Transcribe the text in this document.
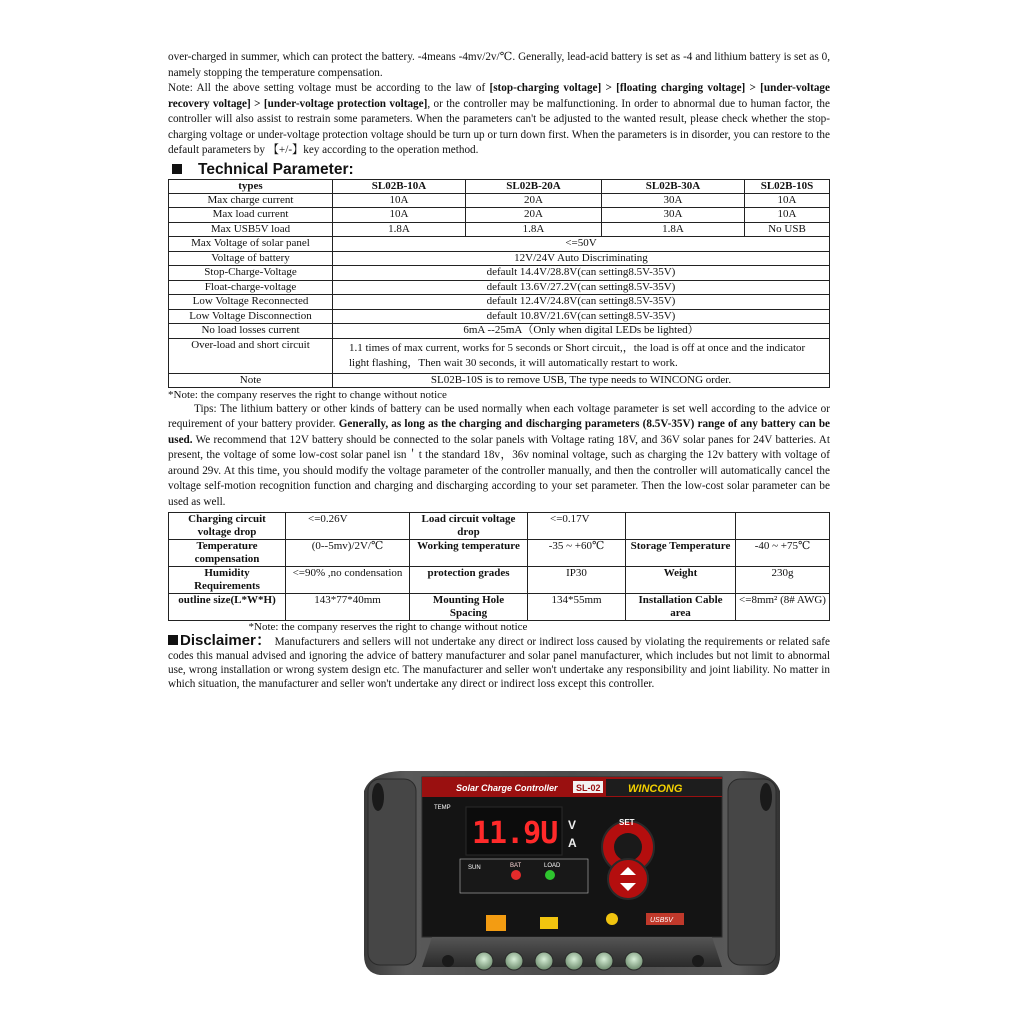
over-charged in summer, which can protect the battery. -4means -4mv/2v/℃. Generally, lead-acid battery is set as -4 and lithium battery is set as 0, namely stopping the temperature compensation.

Note: All the above setting voltage must be according to the law of [stop-charging voltage] > [floating charging voltage] > [under-voltage recovery voltage] > [under-voltage protection voltage], or the controller may be malfunctioning. In order to abnormal due to human factor, the controller will also assist to restrain some parameters. When the parameters can't be adjusted to the wanted result, please check whether the stop-charging voltage or under-voltage protection voltage should be turn up or turn down first. When the parameters is in disorder, you can restore to the default parameters by 【+/-】key according to the operation method.

Technical Parameter:
types	SL02B-10A	SL02B-20A	SL02B-30A	SL02B-10S
Max charge current	10A	20A	30A	10A
Max load current	10A	20A	30A	10A
Max USB5V load	1.8A	1.8A	1.8A	No USB
Max Voltage of solar panel	<=50V			
Voltage of battery	12V/24V Auto Discriminating			
Stop-Charge-Voltage	default 14.4V/28.8V(can setting8.5V-35V)			
Float-charge-voltage	default 13.6V/27.2V(can setting8.5V-35V)			
Low Voltage Reconnected	default 12.4V/24.8V(can setting8.5V-35V)			
Low Voltage Disconnection	default 10.8V/21.6V(can setting8.5V-35V)			
No load losses current	6mA --25mA（Only when digital LEDs be lighted）			
Over-load and short circuit	1.1 times of max current, works for 5 seconds or Short circuit,，the load is off at once and the indicator light flashing，Then wait 30 seconds, it will automatically restart to work.			
Note	SL02B-10S is to remove USB, The type needs to WINCONG order.			

*Note: the company reserves the right to change without notice

Tips: The lithium battery or other kinds of battery can be used normally when each voltage parameter is set well according to the advice or requirement of your battery provider. Generally, as long as the charging and discharging parameters (8.5V-35V) range of any battery can be used. We recommend that 12V battery should be connected to the solar panels with Voltage rating 18V, and 36V solar panes for 24V batteries. At present, the voltage of some low-cost solar panel isn＇t the standard 18v，36v nominal voltage, such as charging the 12v battery with voltage of around 29v. At this time, you should modify the voltage parameter of the controller manually, and then the controller will automatically cancel the voltage self-motion recognition function and charging and discharging according to your set parameter. Then the low-cost solar parameter can be used as well.

Charging circuit voltage drop	<=0.26V	Load circuit voltage drop	<=0.17V		
Temperature compensation	(0--5mv)/2V/℃	Working temperature	-35 ~ +60℃	Storage Temperature	-40 ~ +75℃
Humidity Requirements	<=90% ,no condensation	protection grades	IP30	Weight	230g
outline size(L*W*H)	143*77*40mm	Mounting Hole Spacing	134*55mm	Installation Cable area	<=8mm² (8# AWG)

*Note: the company reserves the right to change without notice

Disclaimer： Manufacturers and sellers will not undertake any direct or indirect loss caused by violating the requirements or related safe codes this manual advised and ignoring the advice of battery manufacturer and solar panel manufacturer, which includes but not limit to abnormal use, wrong installation or wrong system design etc. The manufacturer and seller won't undertake any responsibility and joint liability. No matter in which situation, the manufacturer and seller won't undertake any direct or indirect loss except this controller.

Solar Charge Controller SL-02 WINCONG
TEMP
11.9U V
A
SET
SUN	BAT	LOAD
USB5V
